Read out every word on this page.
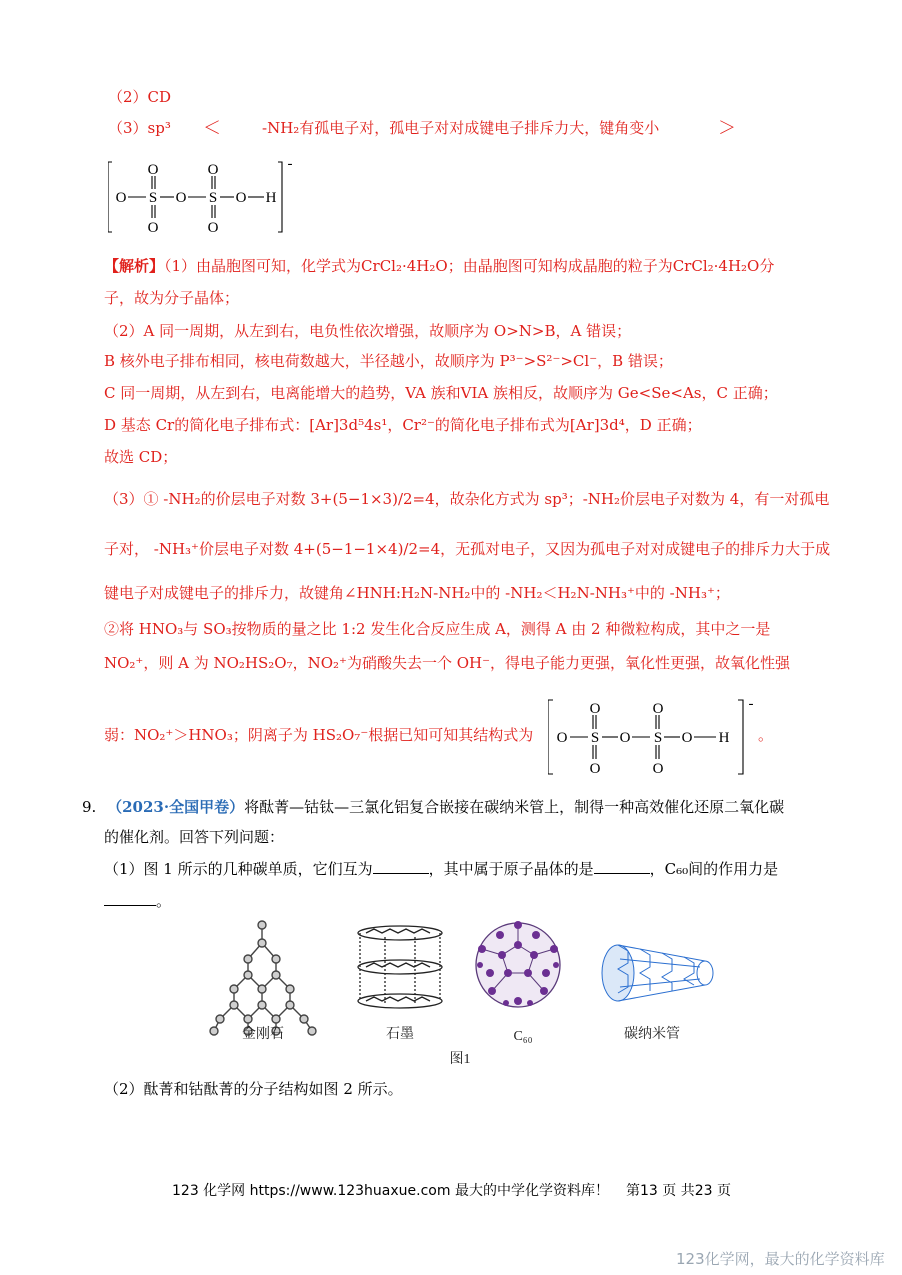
（2）CD
（3）sp³ ＜	-NH₂有孤电子对，孤电子对对成键电子排斥力大，键角变小	＞
O S O S O H
O
O
O
O
-
【解析】（1）由晶胞图可知，化学式为CrCl₂·4H₂O；由晶胞图可知构成晶胞的粒子为CrCl₂·4H₂O分
子，故为分子晶体；
（2）A 同一周期，从左到右，电负性依次增强，故顺序为 O>N>B，A 错误；
B 核外电子排布相同，核电荷数越大，半径越小，故顺序为 P³⁻>S²⁻>Cl⁻，B 错误；
C 同一周期，从左到右，电离能增大的趋势，VA 族和VIA 族相反，故顺序为 Ge<Se<As，C 正确；
D 基态 Cr的简化电子排布式：[Ar]3d⁵4s¹，Cr²⁻的简化电子排布式为[Ar]3d⁴，D 正确；
故选 CD；
（3）① -NH₂的价层电子对数 3+(5−1×3)/2=4，故杂化方式为 sp³；-NH₂价层电子对数为 4，有一对孤电
子对， -NH₃⁺价层电子对数 4+(5−1−1×4)/2=4，无孤对电子，又因为孤电子对对成键电子的排斥力大于成
键电子对成键电子的排斥力，故键角∠HNH:H₂N-NH₂中的 -NH₂＜H₂N-NH₃⁺中的 -NH₃⁺；
②将 HNO₃与 SO₃按物质的量之比 1:2 发生化合反应生成 A，测得 A 由 2 种微粒构成，其中之一是
NO₂⁺，则 A 为 NO₂HS₂O₇，NO₂⁺为硝酸失去一个 OH⁻，得电子能力更强，氧化性更强，故氧化性强
弱：NO₂⁺＞HNO₃；阴离子为 HS₂O₇⁻根据已知可知其结构式为 O S O S O H
O
O
O
O
-
。
9. （2023·全国甲卷）将酞菁—钴钛—三氯化铝复合嵌接在碳纳米管上，制得一种高效催化还原二氧化碳
的催化剂。回答下列问题：
（1）图 1 所示的几种碳单质，它们互为	，其中属于原子晶体的是	，C₆₀间的作用力是
。
金刚石	石墨	C₆₀	碳纳米管
图1
（2）酞菁和钴酞菁的分子结构如图 2 所示。
123 化学网 https://www.123huaxue.com 最大的中学化学资料库！ 第13 页 共23 页
123化学网，最大的化学资料库
